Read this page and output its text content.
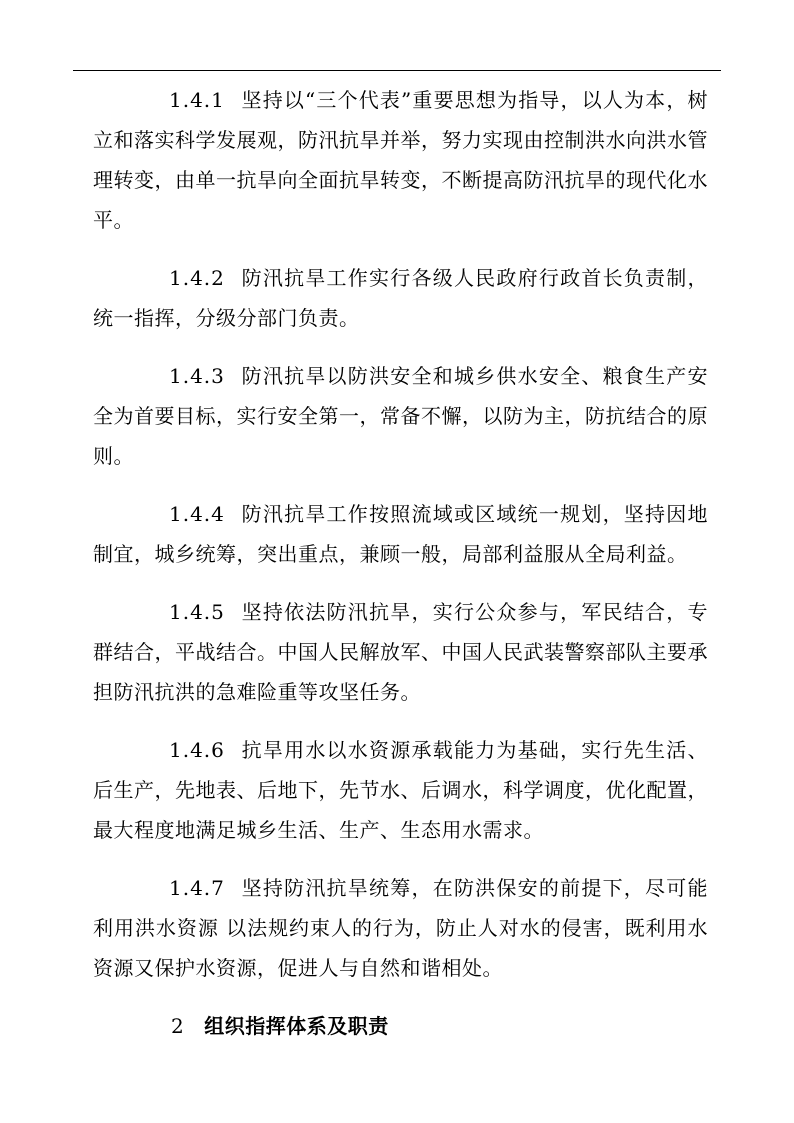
1.4.1 坚持以“三个代表”重要思想为指导，以人为本，树立和落实科学发展观，防汛抗旱并举，努力实现由控制洪水向洪水管理转变，由单一抗旱向全面抗旱转变，不断提高防汛抗旱的现代化水平。

1.4.2 防汛抗旱工作实行各级人民政府行政首长负责制，统一指挥，分级分部门负责。

1.4.3 防汛抗旱以防洪安全和城乡供水安全、粮食生产安全为首要目标，实行安全第一，常备不懈，以防为主，防抗结合的原则。

1.4.4 防汛抗旱工作按照流域或区域统一规划，坚持因地制宜，城乡统筹，突出重点，兼顾一般，局部利益服从全局利益。

1.4.5 坚持依法防汛抗旱，实行公众参与，军民结合，专群结合，平战结合。中国人民解放军、中国人民武装警察部队主要承担防汛抗洪的急难险重等攻坚任务。

1.4.6 抗旱用水以水资源承载能力为基础，实行先生活、后生产，先地表、后地下，先节水、后调水，科学调度，优化配置，最大程度地满足城乡生活、生产、生态用水需求。

1.4.7 坚持防汛抗旱统筹，在防洪保安的前提下，尽可能利用洪水资源 以法规约束人的行为，防止人对水的侵害，既利用水资源又保护水资源，促进人与自然和谐相处。

2 组织指挥体系及职责
